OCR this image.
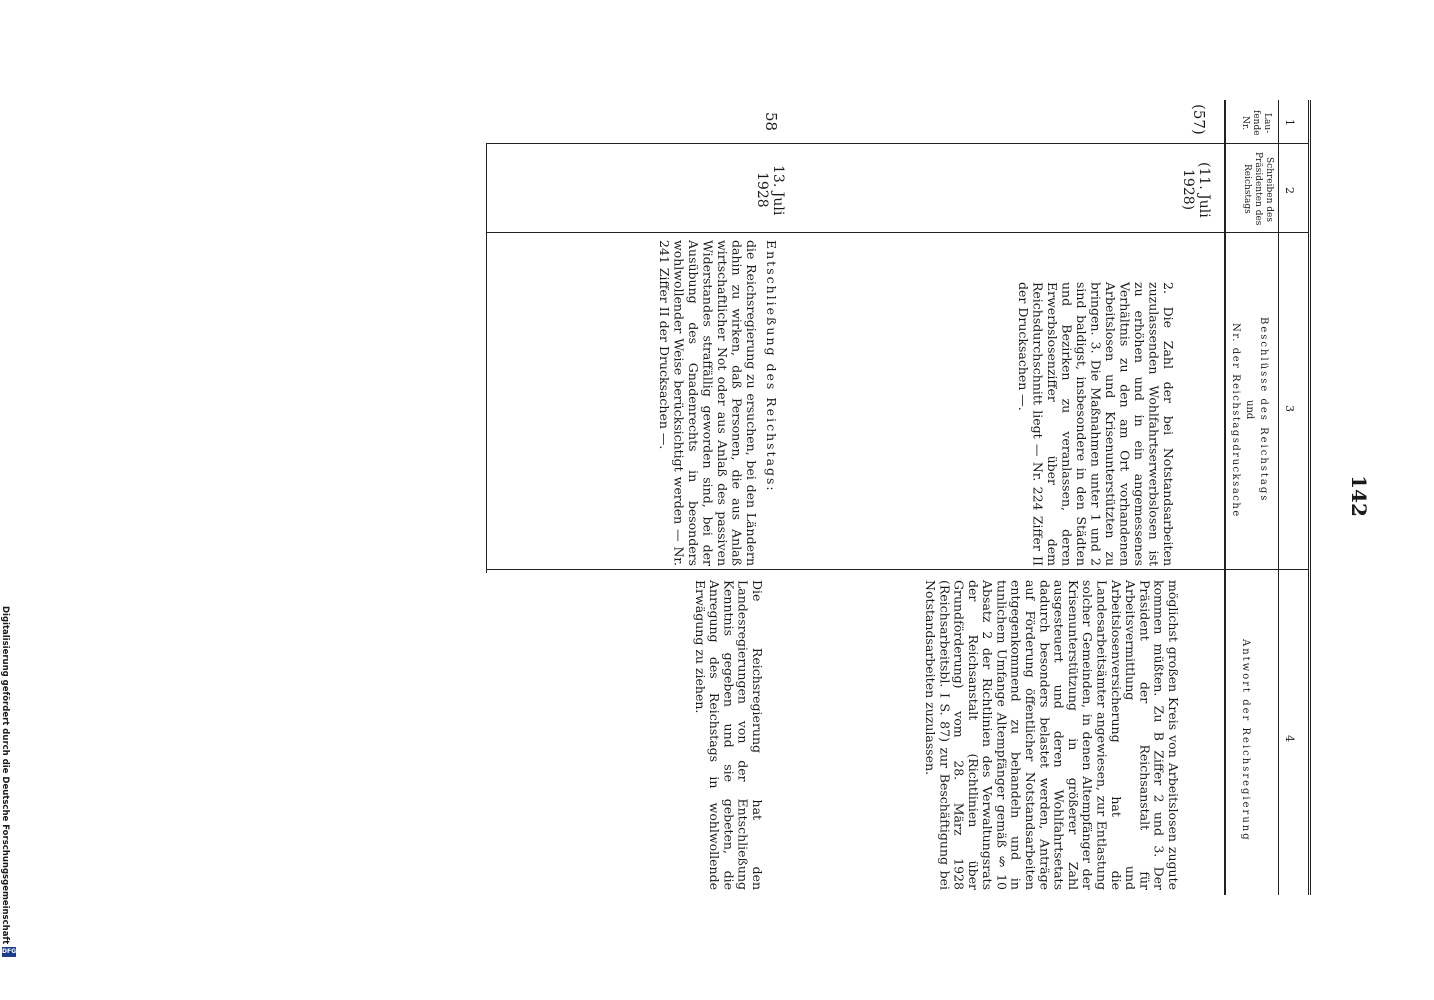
142
1
2
3
4
Lau-fende Nr.
Schreiben des Präsidenten des Reichstags
Beschlüsse des Reichstags
und
Nr. der Reichstagsdrucksache
Antwort der Reichsregierung
(57)
(11. Juli 1928)
2. Die Zahl der bei Notstandsarbeiten zuzulassenden Wohlfahrtserwerbslosen ist zu erhöhen und in ein angemessenes Verhältnis zu den am Ort vorhandenen Arbeitslosen und Krisenunterstützten zu bringen. 3. Die Maßnahmen unter 1 und 2 sind baldigst, insbesondere in den Städten und Bezirken zu veranlassen, deren Erwerbslosenziffer über dem Reichsdurchschnitt liegt — Nr. 224 Ziffer II der Drucksachen —.
möglichst großen Kreis von Arbeitslosen zugute kommen müßten. Zu B Ziffer 2 und 3. Der Präsident der Reichsanstalt für Arbeitsvermittlung und Arbeitslosenversicherung hat die Landesarbeitsämter angewiesen, zur Entlastung solcher Gemeinden, in denen Altempfänger der Krisenunterstützung in größerer Zahl ausgesteuert und deren Wohlfahrtsetats dadurch besonders belastet werden, Anträge auf Förderung öffentlicher Notstandsarbeiten entgegenkommend zu behandeln und in tunlichem Umfange Altempfänger gemäß § 10 Absatz 2 der Richtlinien des Verwaltungsrats der Reichsanstalt (Richtlinien über Grundförderung) vom 28. März 1928 (Reichsarbeitsbl. I S. 87) zur Beschäftigung bei Notstandsarbeiten zuzulassen.
58
13. Juli 1928
Entschließung des Reichstags:
die Reichsregierung zu ersuchen, bei den Ländern dahin zu wirken, daß Personen, die aus Anlaß wirtschaftlicher Not oder aus Anlaß des passiven Widerstandes straffällig geworden sind, bei der Ausübung des Gnadenrechts in besonders wohlwollender Weise berücksichtigt werden — Nr. 241 Ziffer II der Drucksachen —.
Die Reichsregierung hat den Landesregierungen von der Entschließung Kenntnis gegeben und sie gebeten, die Anregung des Reichstags in wohlwollende Erwägung zu ziehen.
Digitalisierung gefördert durch die Deutsche Forschungsgemeinschaft DFG
